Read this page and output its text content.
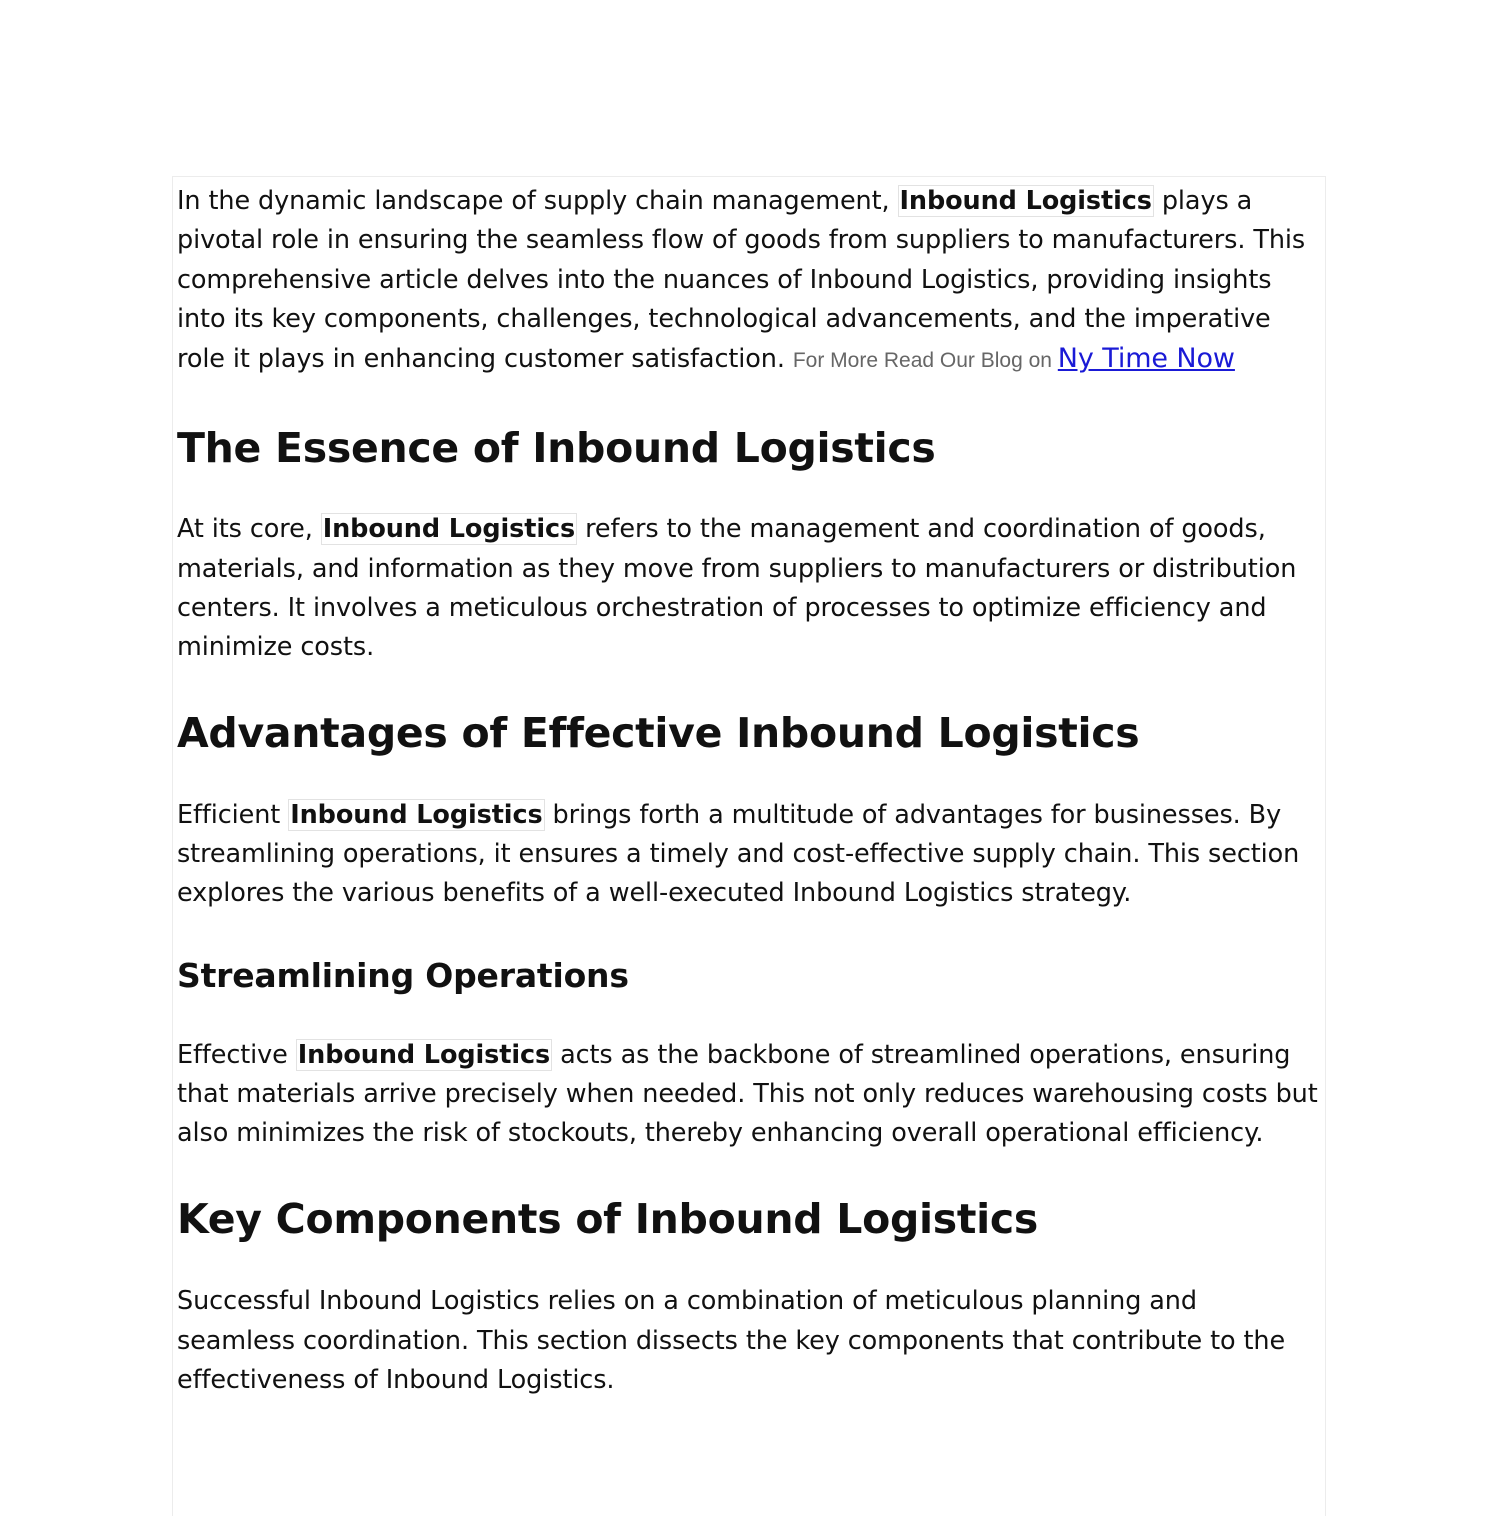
In the dynamic landscape of supply chain management, Inbound Logistics plays a pivotal role in ensuring the seamless flow of goods from suppliers to manufacturers. This comprehensive article delves into the nuances of Inbound Logistics, providing insights into its key components, challenges, technological advancements, and the imperative role it plays in enhancing customer satisfaction. For More Read Our Blog on Ny Time Now

The Essence of Inbound Logistics

At its core, Inbound Logistics refers to the management and coordination of goods, materials, and information as they move from suppliers to manufacturers or distribution centers. It involves a meticulous orchestration of processes to optimize efficiency and minimize costs.

Advantages of Effective Inbound Logistics

Efficient Inbound Logistics brings forth a multitude of advantages for businesses. By streamlining operations, it ensures a timely and cost-effective supply chain. This section explores the various benefits of a well-executed Inbound Logistics strategy.

Streamlining Operations

Effective Inbound Logistics acts as the backbone of streamlined operations, ensuring that materials arrive precisely when needed. This not only reduces warehousing costs but also minimizes the risk of stockouts, thereby enhancing overall operational efficiency.

Key Components of Inbound Logistics

Successful Inbound Logistics relies on a combination of meticulous planning and seamless coordination. This section dissects the key components that contribute to the effectiveness of Inbound Logistics.
